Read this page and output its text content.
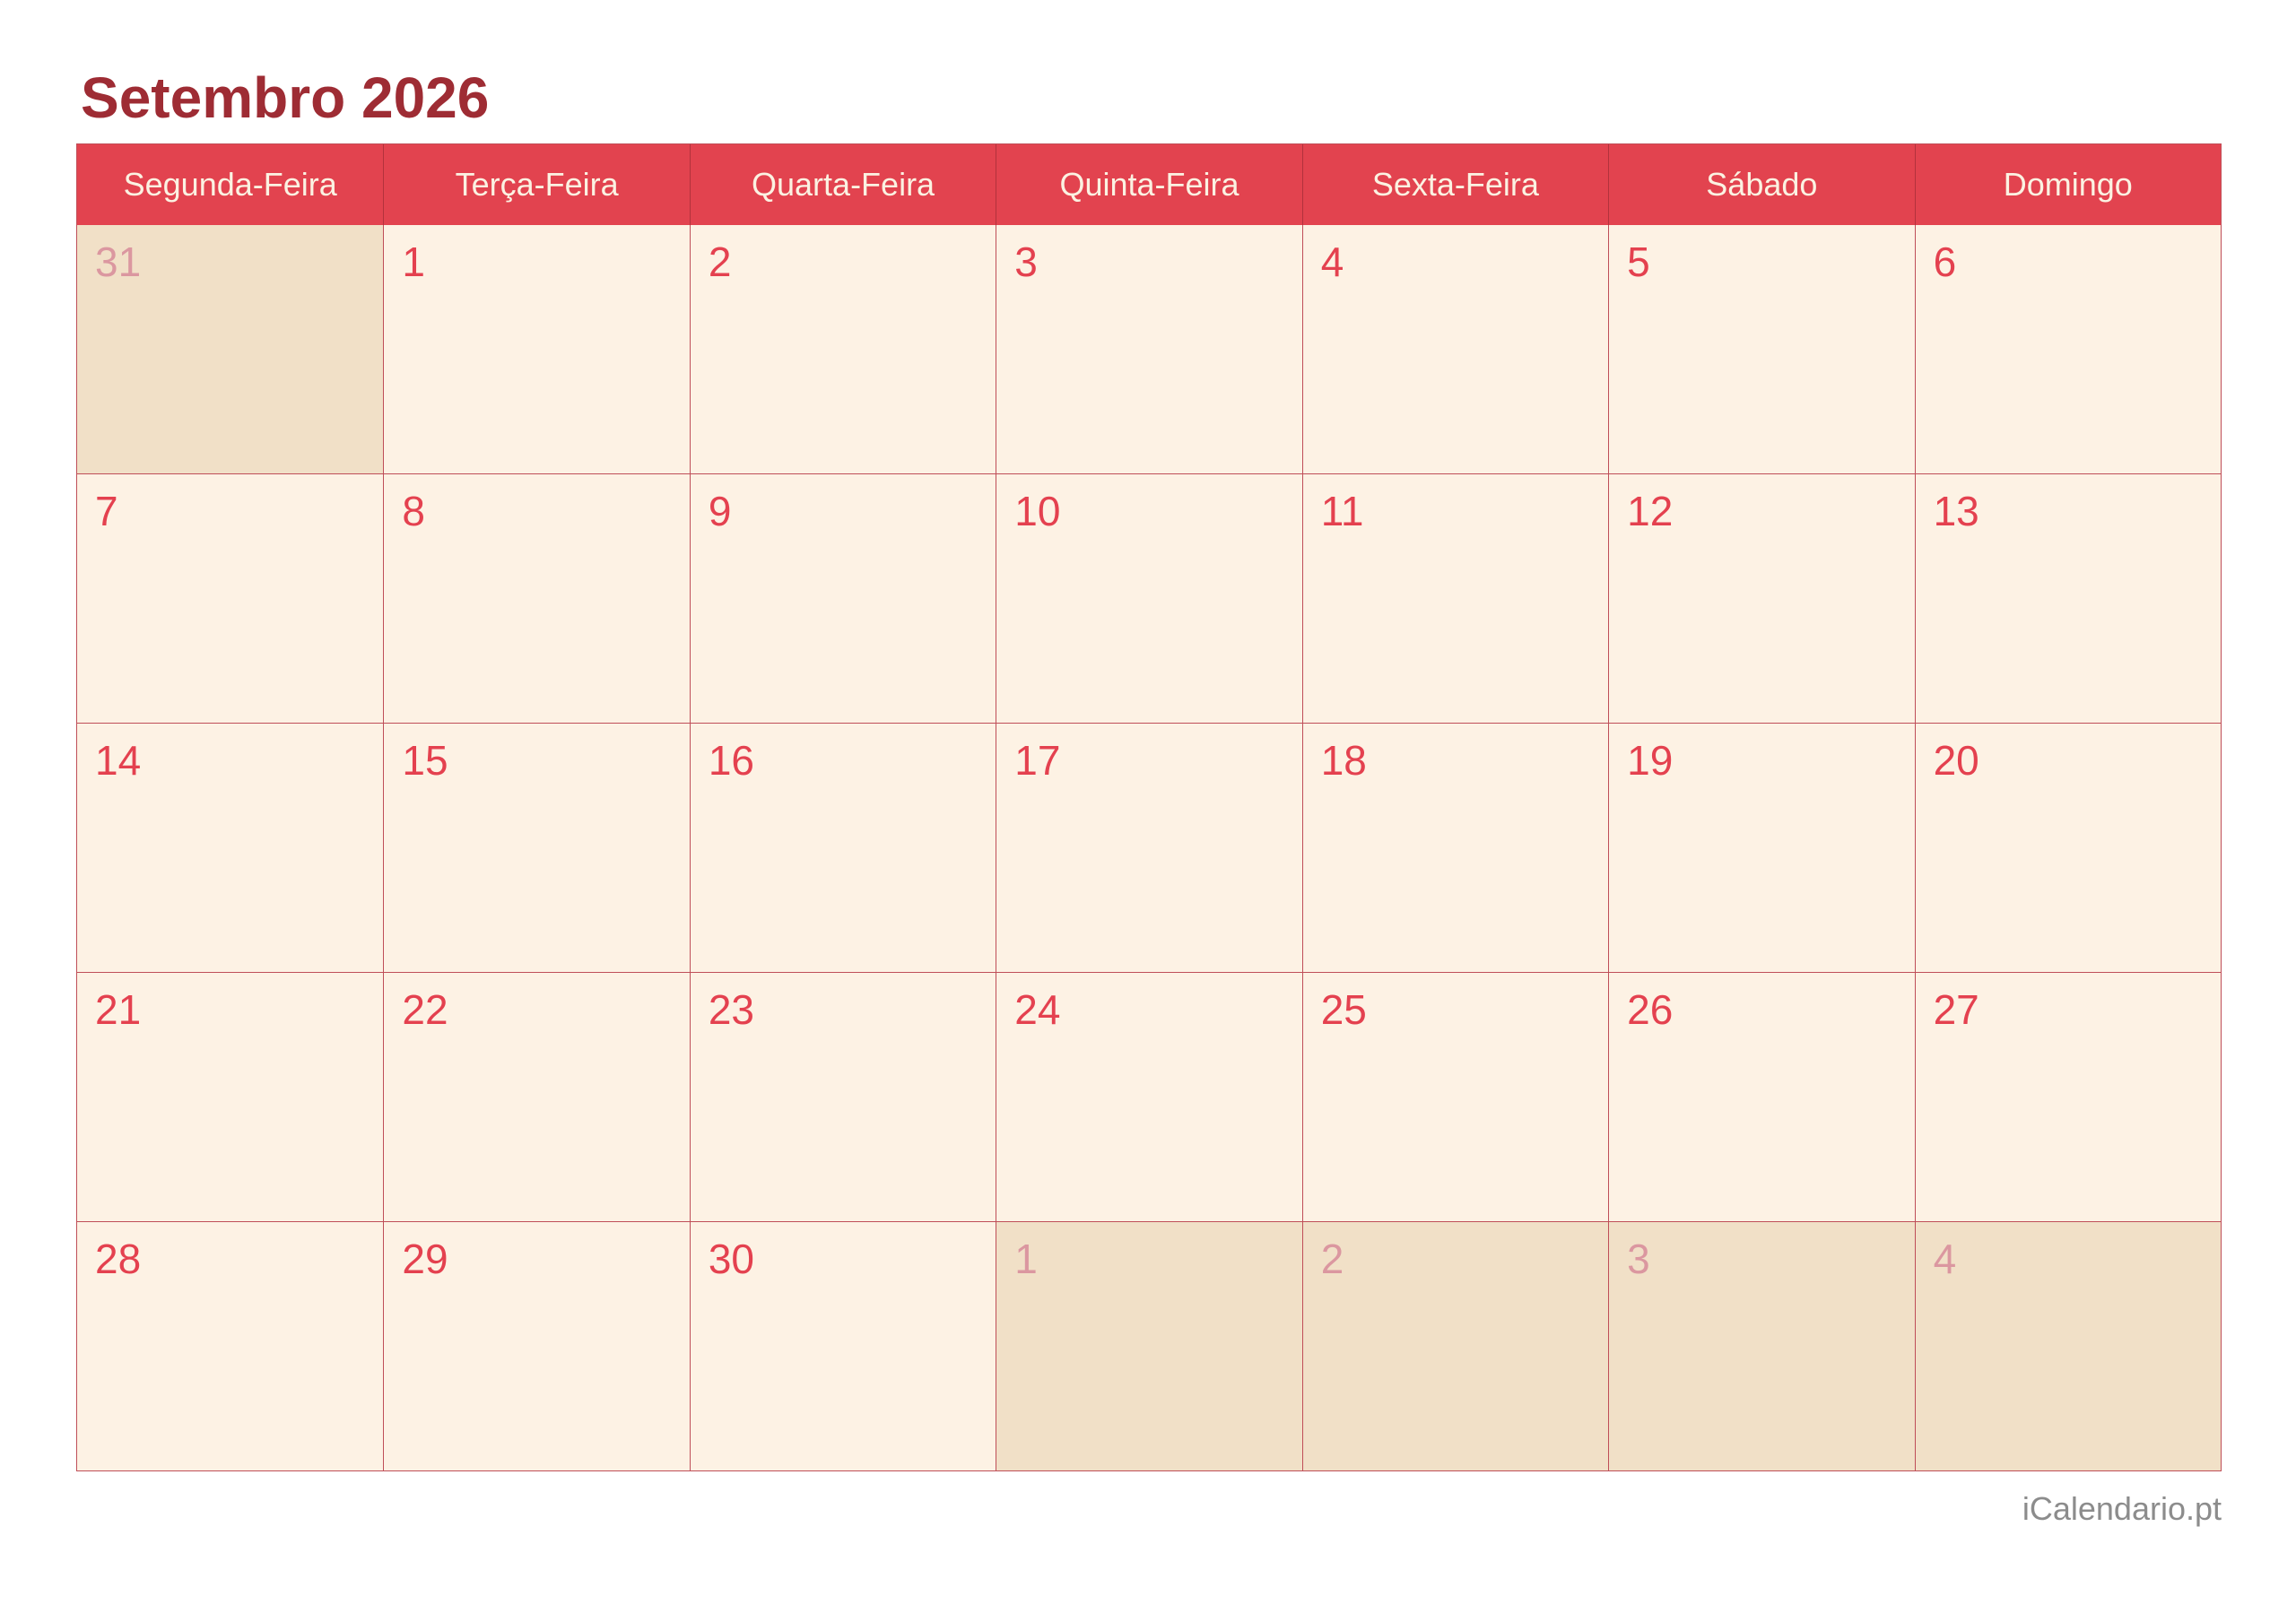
Setembro 2026
Segunda-Feira	Terça-Feira	Quarta-Feira	Quinta-Feira	Sexta-Feira	Sábado	Domingo
31	1	2	3	4	5	6
7	8	9	10	11	12	13
14	15	16	17	18	19	20
21	22	23	24	25	26	27
28	29	30	1	2	3	4
iCalendario.pt
